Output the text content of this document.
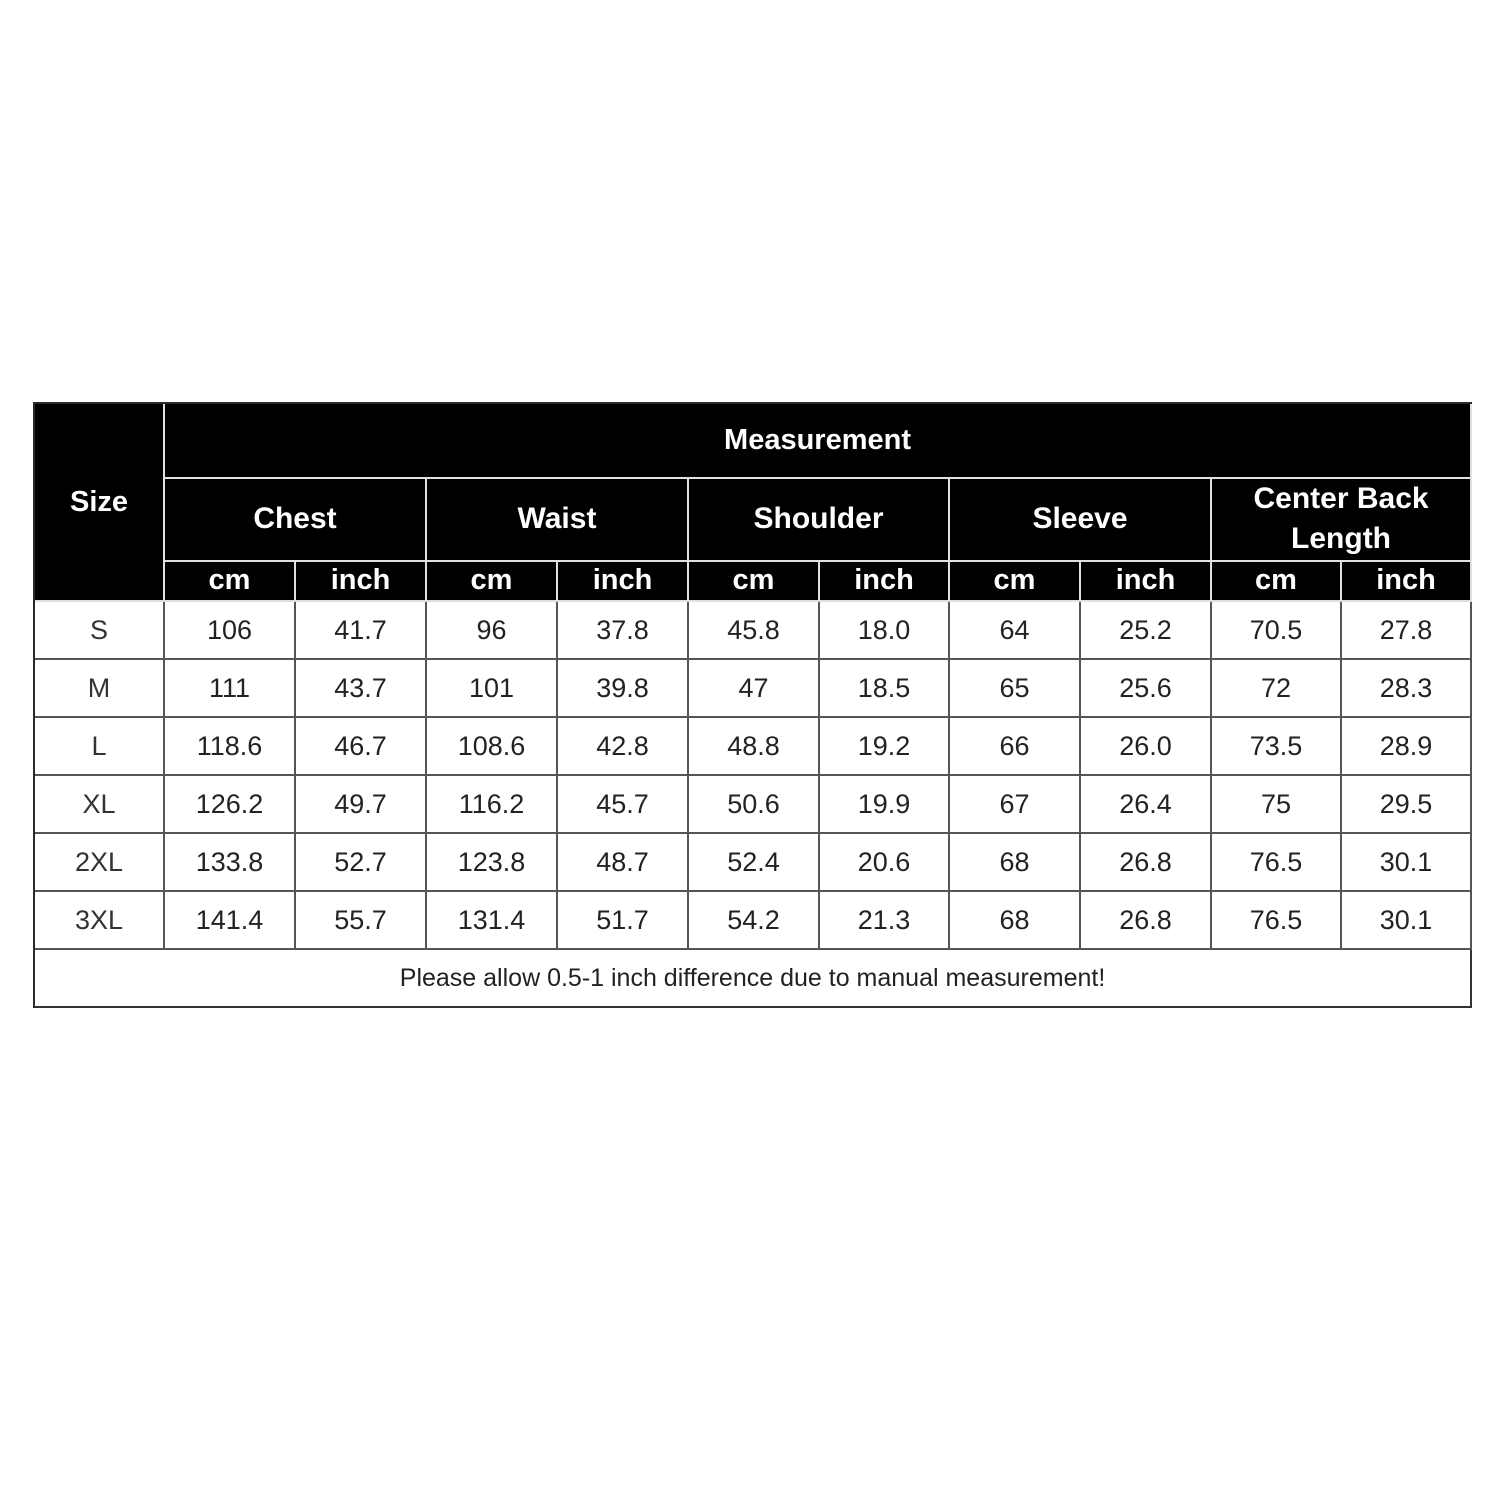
Size	Measurement									
	Chest		Waist		Shoulder		Sleeve		Center Back Length	
	cm	inch	cm	inch	cm	inch	cm	inch	cm	inch
S	106	41.7	96	37.8	45.8	18.0	64	25.2	70.5	27.8
M	111	43.7	101	39.8	47	18.5	65	25.6	72	28.3
L	118.6	46.7	108.6	42.8	48.8	19.2	66	26.0	73.5	28.9
XL	126.2	49.7	116.2	45.7	50.6	19.9	67	26.4	75	29.5
2XL	133.8	52.7	123.8	48.7	52.4	20.6	68	26.8	76.5	30.1
3XL	141.4	55.7	131.4	51.7	54.2	21.3	68	26.8	76.5	30.1
Please allow 0.5-1 inch difference due to manual measurement!										
